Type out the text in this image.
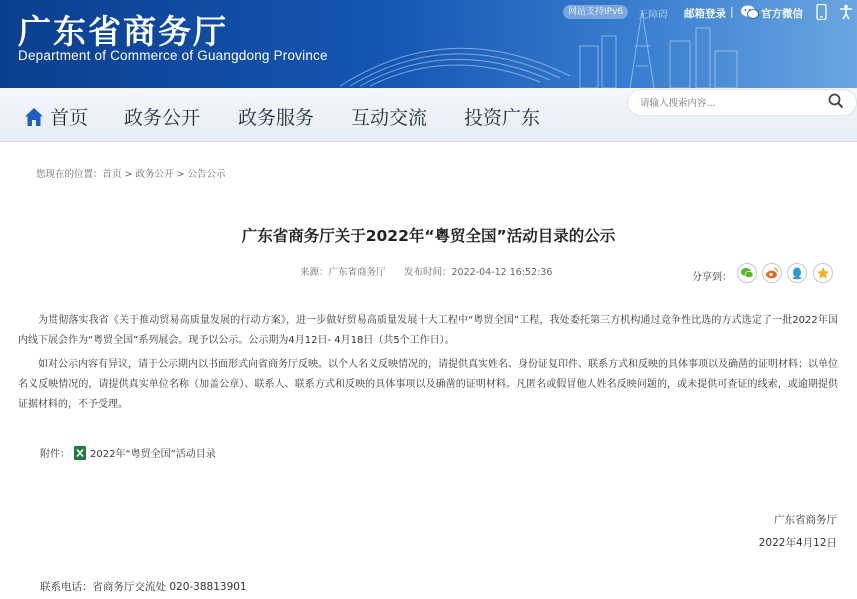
广东省商务厅
Department of Commerce of Guangdong Province
网站支持IPv6	无障碍 邮箱登录 |	官方微信
首页 政务公开 政务服务 互动交流 投资广东
请输入搜索内容...
您现在的位置：首页 > 政务公开 > 公告公示
广东省商务厅关于2022年“粤贸全国”活动目录的公示
来源：广东省商务厅 发布时间：2022-04-12 16:52:36	分享到：
为贯彻落实我省《关于推动贸易高质量发展的行动方案》，进一步做好贸易高质量发展十大工程中“粤贸全国”工程，我处委托第三方机构通过竞争性比选的方式选定了一批2022年国内线下展会作为“粤贸全国”系列展会。现予以公示。公示期为4月12日- 4月18日（共5个工作日）。
如对公示内容有异议，请于公示期内以书面形式向省商务厅反映。以个人名义反映情况的，请提供真实姓名、身份证复印件、联系方式和反映的具体事项以及确凿的证明材料；以单位名义反映情况的，请提供真实单位名称（加盖公章）、联系人、联系方式和反映的具体事项以及确凿的证明材料。凡匿名或假冒他人姓名反映问题的，或未提供可查证的线索，或逾期提供证据材料的，不予受理。
附件： 2022年“粤贸全国”活动目录
广东省商务厅
2022年4月12日
联系电话：省商务厅交流处 020-38813901
